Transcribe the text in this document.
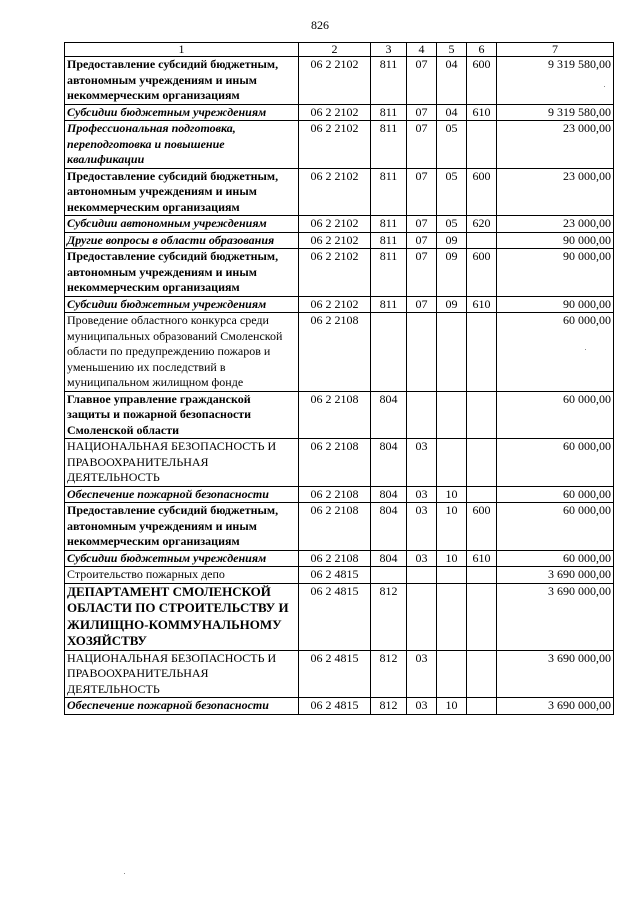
826
1	2	3	4	5	6	7
Предоставление субсидий бюджетным, автономным учреждениям и иным некоммерческим организациям	06 2 2102	811	07	04	600	9 319 580,00
Субсидии бюджетным учреждениям	06 2 2102	811	07	04	610	9 319 580,00
Профессиональная подготовка, переподготовка и повышение квалификации	06 2 2102	811	07	05		23 000,00
Предоставление субсидий бюджетным, автономным учреждениям и иным некоммерческим организациям	06 2 2102	811	07	05	600	23 000,00
Субсидии автономным учреждениям	06 2 2102	811	07	05	620	23 000,00
Другие вопросы в области образования	06 2 2102	811	07	09		90 000,00
Предоставление субсидий бюджетным, автономным учреждениям и иным некоммерческим организациям	06 2 2102	811	07	09	600	90 000,00
Субсидии бюджетным учреждениям	06 2 2102	811	07	09	610	90 000,00
Проведение областного конкурса среди муниципальных образований Смоленской области по предупреждению пожаров и уменьшению их последствий в муниципальном жилищном фонде	06 2 2108					60 000,00
Главное управление гражданской защиты и пожарной безопасности Смоленской области	06 2 2108	804				60 000,00
НАЦИОНАЛЬНАЯ БЕЗОПАСНОСТЬ И ПРАВООХРАНИТЕЛЬНАЯ ДЕЯТЕЛЬНОСТЬ	06 2 2108	804	03			60 000,00
Обеспечение пожарной безопасности	06 2 2108	804	03	10		60 000,00
Предоставление субсидий бюджетным, автономным учреждениям и иным некоммерческим организациям	06 2 2108	804	03	10	600	60 000,00
Субсидии бюджетным учреждениям	06 2 2108	804	03	10	610	60 000,00
Строительство пожарных депо	06 2 4815					3 690 000,00
ДЕПАРТАМЕНТ СМОЛЕНСКОЙ ОБЛАСТИ ПО СТРОИТЕЛЬСТВУ И ЖИЛИЩНО-КОММУНАЛЬНОМУ ХОЗЯЙСТВУ	06 2 4815	812				3 690 000,00
НАЦИОНАЛЬНАЯ БЕЗОПАСНОСТЬ И ПРАВООХРАНИТЕЛЬНАЯ ДЕЯТЕЛЬНОСТЬ	06 2 4815	812	03			3 690 000,00
Обеспечение пожарной безопасности	06 2 4815	812	03	10		3 690 000,00
